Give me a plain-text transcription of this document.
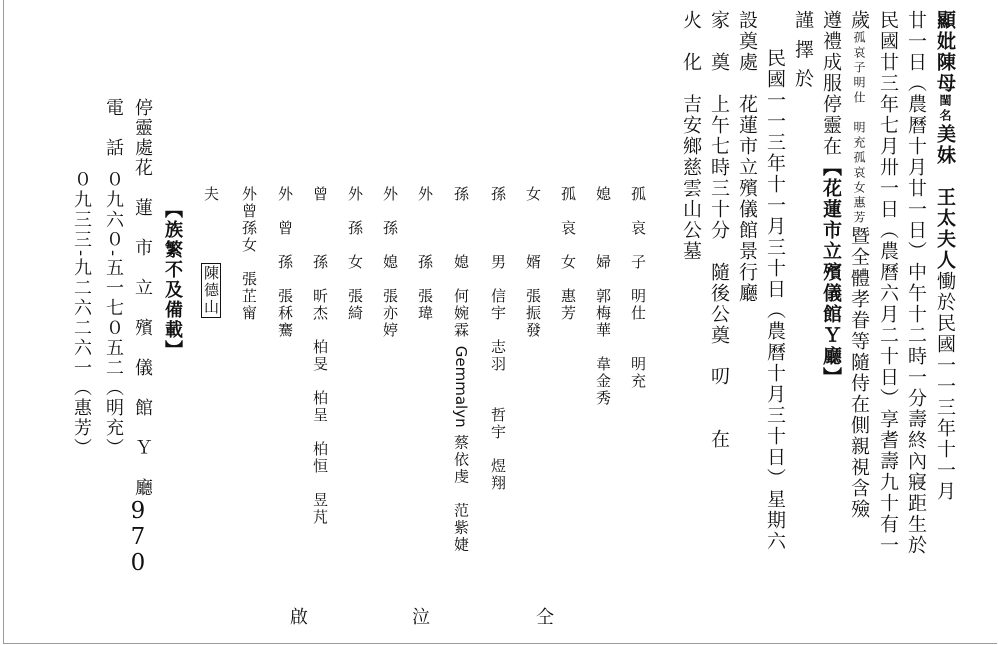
顯妣陳母閨名美妹　王太夫人慟於民國一一三年十一月
廿一日（農曆十月廿一日）中午十二時一分壽終內寢距生於
民國廿三年七月卅一日（農曆六月二十日）享耆壽九十有一
歲孤哀子明仕　明充孤哀女惠芳暨全體孝眷等隨侍在側親視含殮
遵禮成服停靈在【花蓮市立殯儀館Ｙ廳】
謹 擇 於
民國一一三年十一月三十日（農曆十月三十日）星期六
設奠處　花蓮市立殯儀館景行廳
家　奠　上午七時三十分　隨後公奠叨　　在
火　化　吉安鄉慈雲山公墓
孤　哀　子　明仕　　明充
媳　　　婦　郭梅華　韋金秀
孤　哀　女　惠芳
女　　　婿　張振發
孫　　　男　信宇　志羽　　哲宇　煜翔
孫　　　媳　何婉霖 Gemmalyn 蔡依虔　范紫婕
外　　　孫　張瑋
外　孫　媳　張亦婷
外　孫　女　張綺
曾　　　孫　昕杰　柏旻　柏呈　柏恒　昱芃
外　曾　孫　張秝騫
外曾孫女　張芷甯
夫陳德山
【族繁不及備載】
停靈處花　蓮　市　立　殯　儀　館　Ｙ　廳
電　話
０九六０-五一七０五二（明充）
０九三三-九二六二六一（惠芳）
970
仝
泣
啟
